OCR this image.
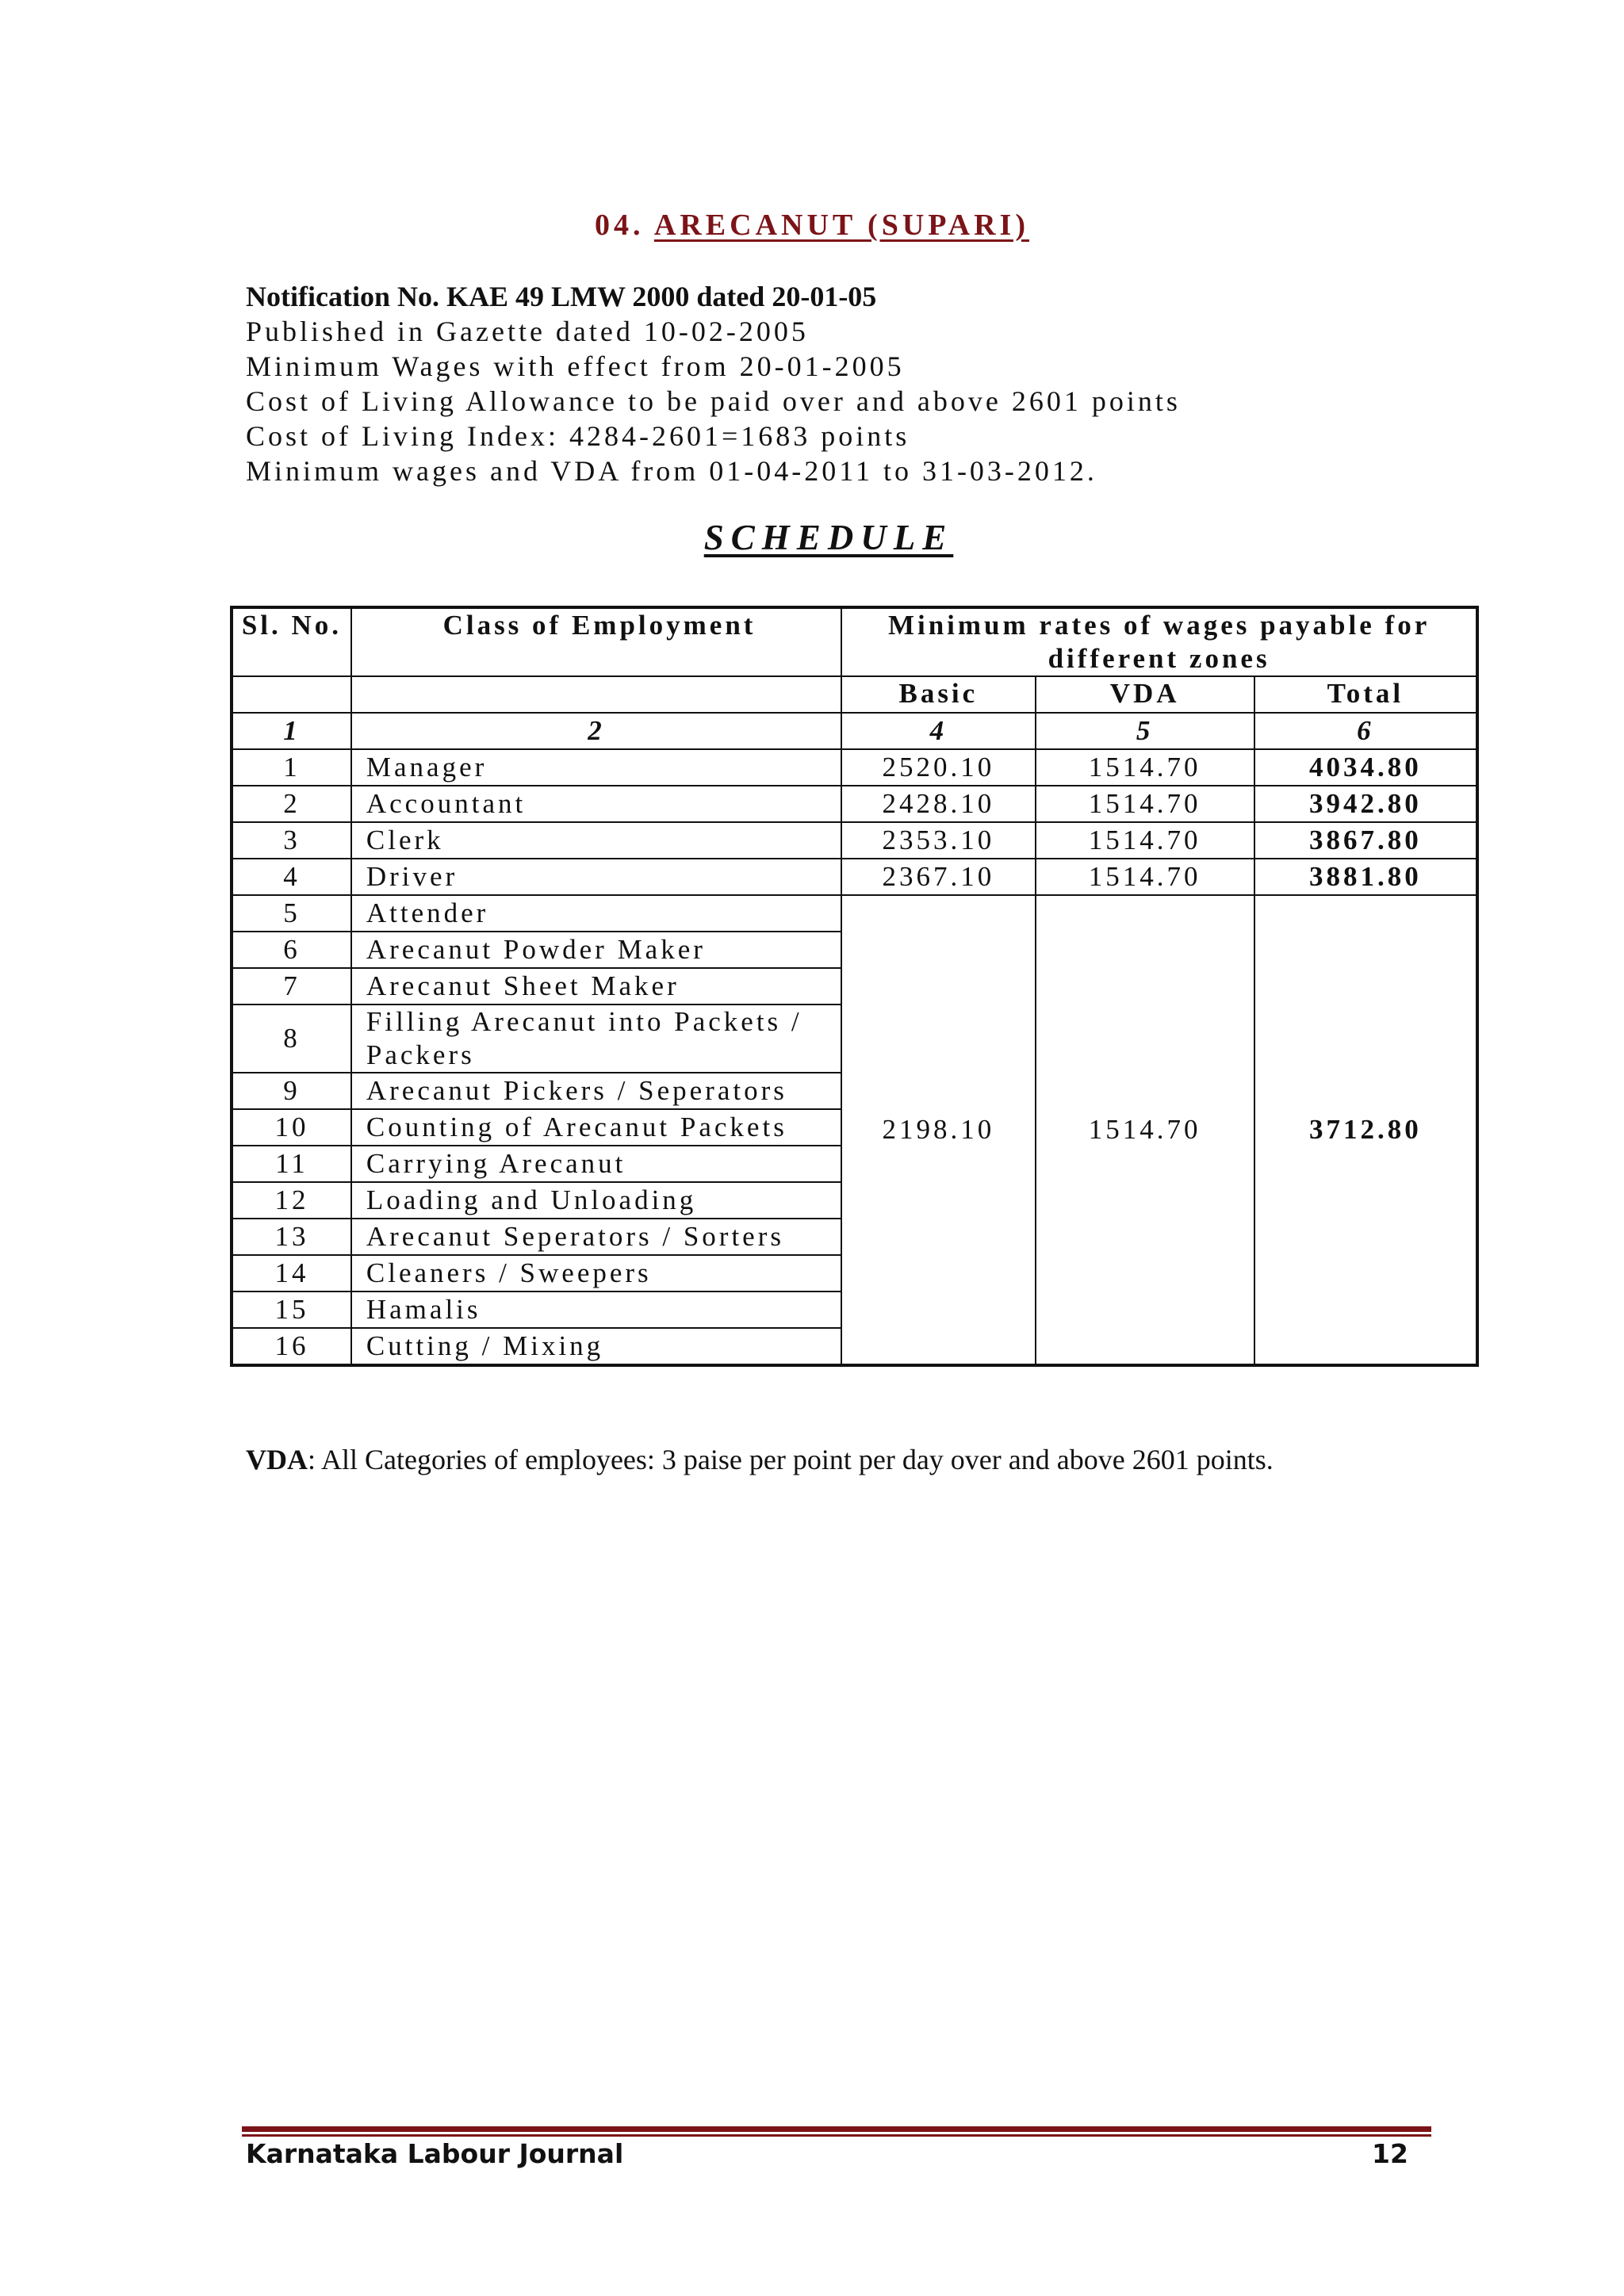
04. ARECANUT (SUPARI)
Notification No. KAE 49 LMW 2000 dated 20-01-05
Published in Gazette dated 10-02-2005
Minimum Wages with effect from 20-01-2005
Cost of Living Allowance to be paid over and above 2601 points
Cost of Living Index: 4284-2601=1683 points
Minimum wages and VDA from 01-04-2011 to 31-03-2012.
SCHEDULE
Sl. No.	Class of Employment	Minimum rates of wages payable for different zones		
		Basic	VDA	Total
1	2	4	5	6
1	Manager	2520.10	1514.70	4034.80
2	Accountant	2428.10	1514.70	3942.80
3	Clerk	2353.10	1514.70	3867.80
4	Driver	2367.10	1514.70	3881.80
5	Attender	2198.10	1514.70	3712.80
6	Arecanut Powder Maker			
7	Arecanut Sheet Maker			
8	Filling Arecanut into Packets / Packers			
9	Arecanut Pickers / Seperators			
10	Counting of Arecanut Packets			
11	Carrying Arecanut			
12	Loading and Unloading			
13	Arecanut Seperators / Sorters			
14	Cleaners / Sweepers			
15	Hamalis			
16	Cutting / Mixing			
VDA: All Categories of employees: 3 paise per point per day over and above 2601 points.
Karnataka Labour Journal	12
